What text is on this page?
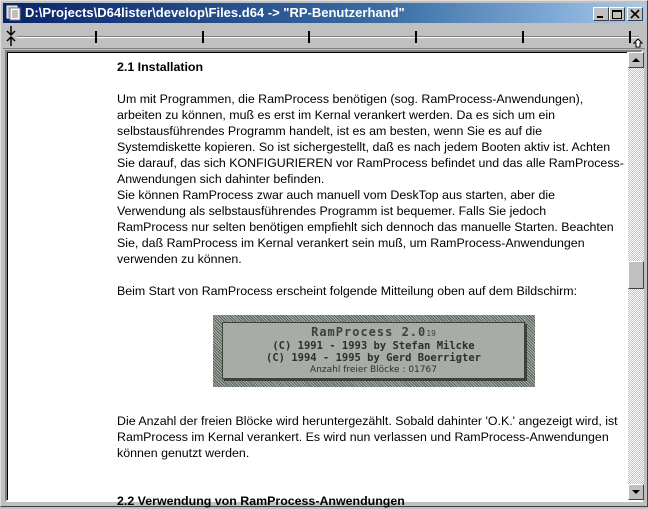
D:\Projects\D64lister\develop\Files.d64 -> "RP-Benutzerhand"
2.1 Installation

Um mit Programmen, die RamProcess benötigen (sog. RamProcess-Anwendungen),

arbeiten zu können, muß es erst im Kernal verankert werden. Da es sich um ein

selbstausführendes Programm handelt, ist es am besten, wenn Sie es auf die

Systemdiskette kopieren. So ist sichergestellt, daß es nach jedem Booten aktiv ist. Achten

Sie darauf, das sich KONFIGURIEREN vor RamProcess befindet und das alle RamProcess-

Anwendungen sich dahinter befinden.

Sie können RamProcess zwar auch manuell vom DeskTop aus starten, aber die

Verwendung als selbstausführendes Programm ist bequemer. Falls Sie jedoch

RamProcess nur selten benötigen empfiehlt sich dennoch das manuelle Starten. Beachten

Sie, daß RamProcess im Kernal verankert sein muß, um RamProcess-Anwendungen

verwenden zu können.

Beim Start von RamProcess erscheint folgende Mitteilung oben auf dem Bildschirm:

Die Anzahl der freien Blöcke wird heruntergezählt. Sobald dahinter 'O.K.' angezeigt wird, ist

RamProcess im Kernal verankert. Es wird nun verlassen und RamProcess-Anwendungen

können genutzt werden.

2.2 Verwendung von RamProcess-Anwendungen
RamProcess 2.019
(C) 1991 - 1993 by Stefan Milcke
(C) 1994 - 1995 by Gerd Boerrigter
Anzahl freier Blöcke : 01767
